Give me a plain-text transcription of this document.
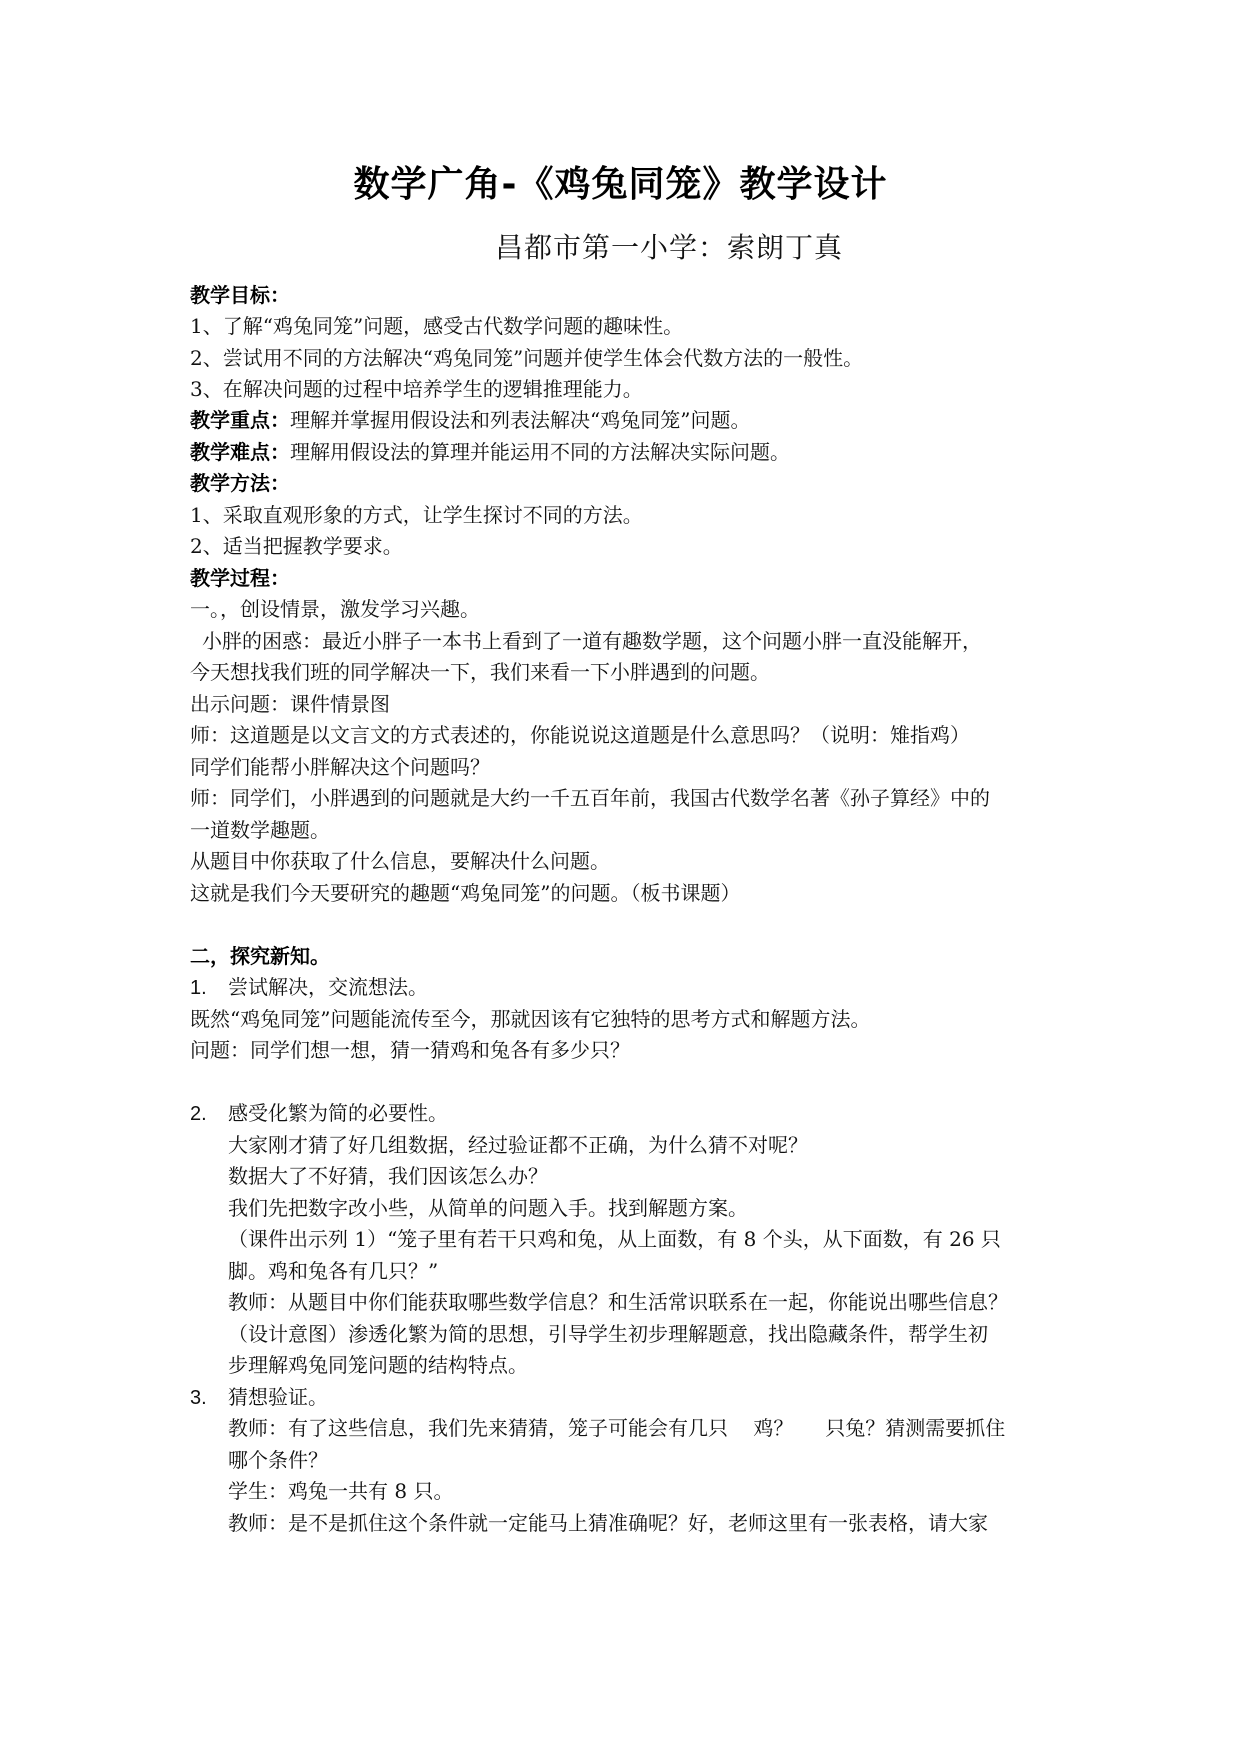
数学广角-《鸡兔同笼》教学设计
昌都市第一小学：索朗丁真
教学目标：
1、了解“鸡兔同笼”问题，感受古代数学问题的趣味性。
2、尝试用不同的方法解决“鸡兔同笼”问题并使学生体会代数方法的一般性。
3、在解决问题的过程中培养学生的逻辑推理能力。
教学重点：理解并掌握用假设法和列表法解决“鸡兔同笼”问题。
教学难点：理解用假设法的算理并能运用不同的方法解决实际问题。
教学方法：
1、采取直观形象的方式，让学生探讨不同的方法。
2、适当把握教学要求。
教学过程：
一。，创设情景，激发学习兴趣。
小胖的困惑：最近小胖子一本书上看到了一道有趣数学题，这个问题小胖一直没能解开，
今天想找我们班的同学解决一下，我们来看一下小胖遇到的问题。
出示问题：课件情景图
师：这道题是以文言文的方式表述的，你能说说这道题是什么意思吗？（说明：雉指鸡）
同学们能帮小胖解决这个问题吗？
师：同学们，小胖遇到的问题就是大约一千五百年前，我国古代数学名著《孙子算经》中的
一道数学趣题。
从题目中你获取了什么信息，要解决什么问题。
这就是我们今天要研究的趣题“鸡兔同笼”的问题。（板书课题）
二，探究新知。
1. 尝试解决，交流想法。
既然“鸡兔同笼”问题能流传至今，那就因该有它独特的思考方式和解题方法。
问题：同学们想一想，猜一猜鸡和兔各有多少只？
2. 感受化繁为简的必要性。
大家刚才猜了好几组数据，经过验证都不正确，为什么猜不对呢？
数据大了不好猜，我们因该怎么办？
我们先把数字改小些，从简单的问题入手。找到解题方案。
（课件出示列 1）“笼子里有若干只鸡和兔，从上面数，有 8 个头，从下面数，有 26 只
脚。鸡和兔各有几只？”
教师：从题目中你们能获取哪些数学信息？和生活常识联系在一起，你能说出哪些信息？
（设计意图）渗透化繁为简的思想，引导学生初步理解题意，找出隐藏条件，帮学生初
步理解鸡兔同笼问题的结构特点。
3. 猜想验证。
教师：有了这些信息，我们先来猜猜，笼子可能会有几只    鸡？     只兔？猜测需要抓住
哪个条件？
学生：鸡兔一共有 8 只。
教师：是不是抓住这个条件就一定能马上猜准确呢？好，老师这里有一张表格，请大家
